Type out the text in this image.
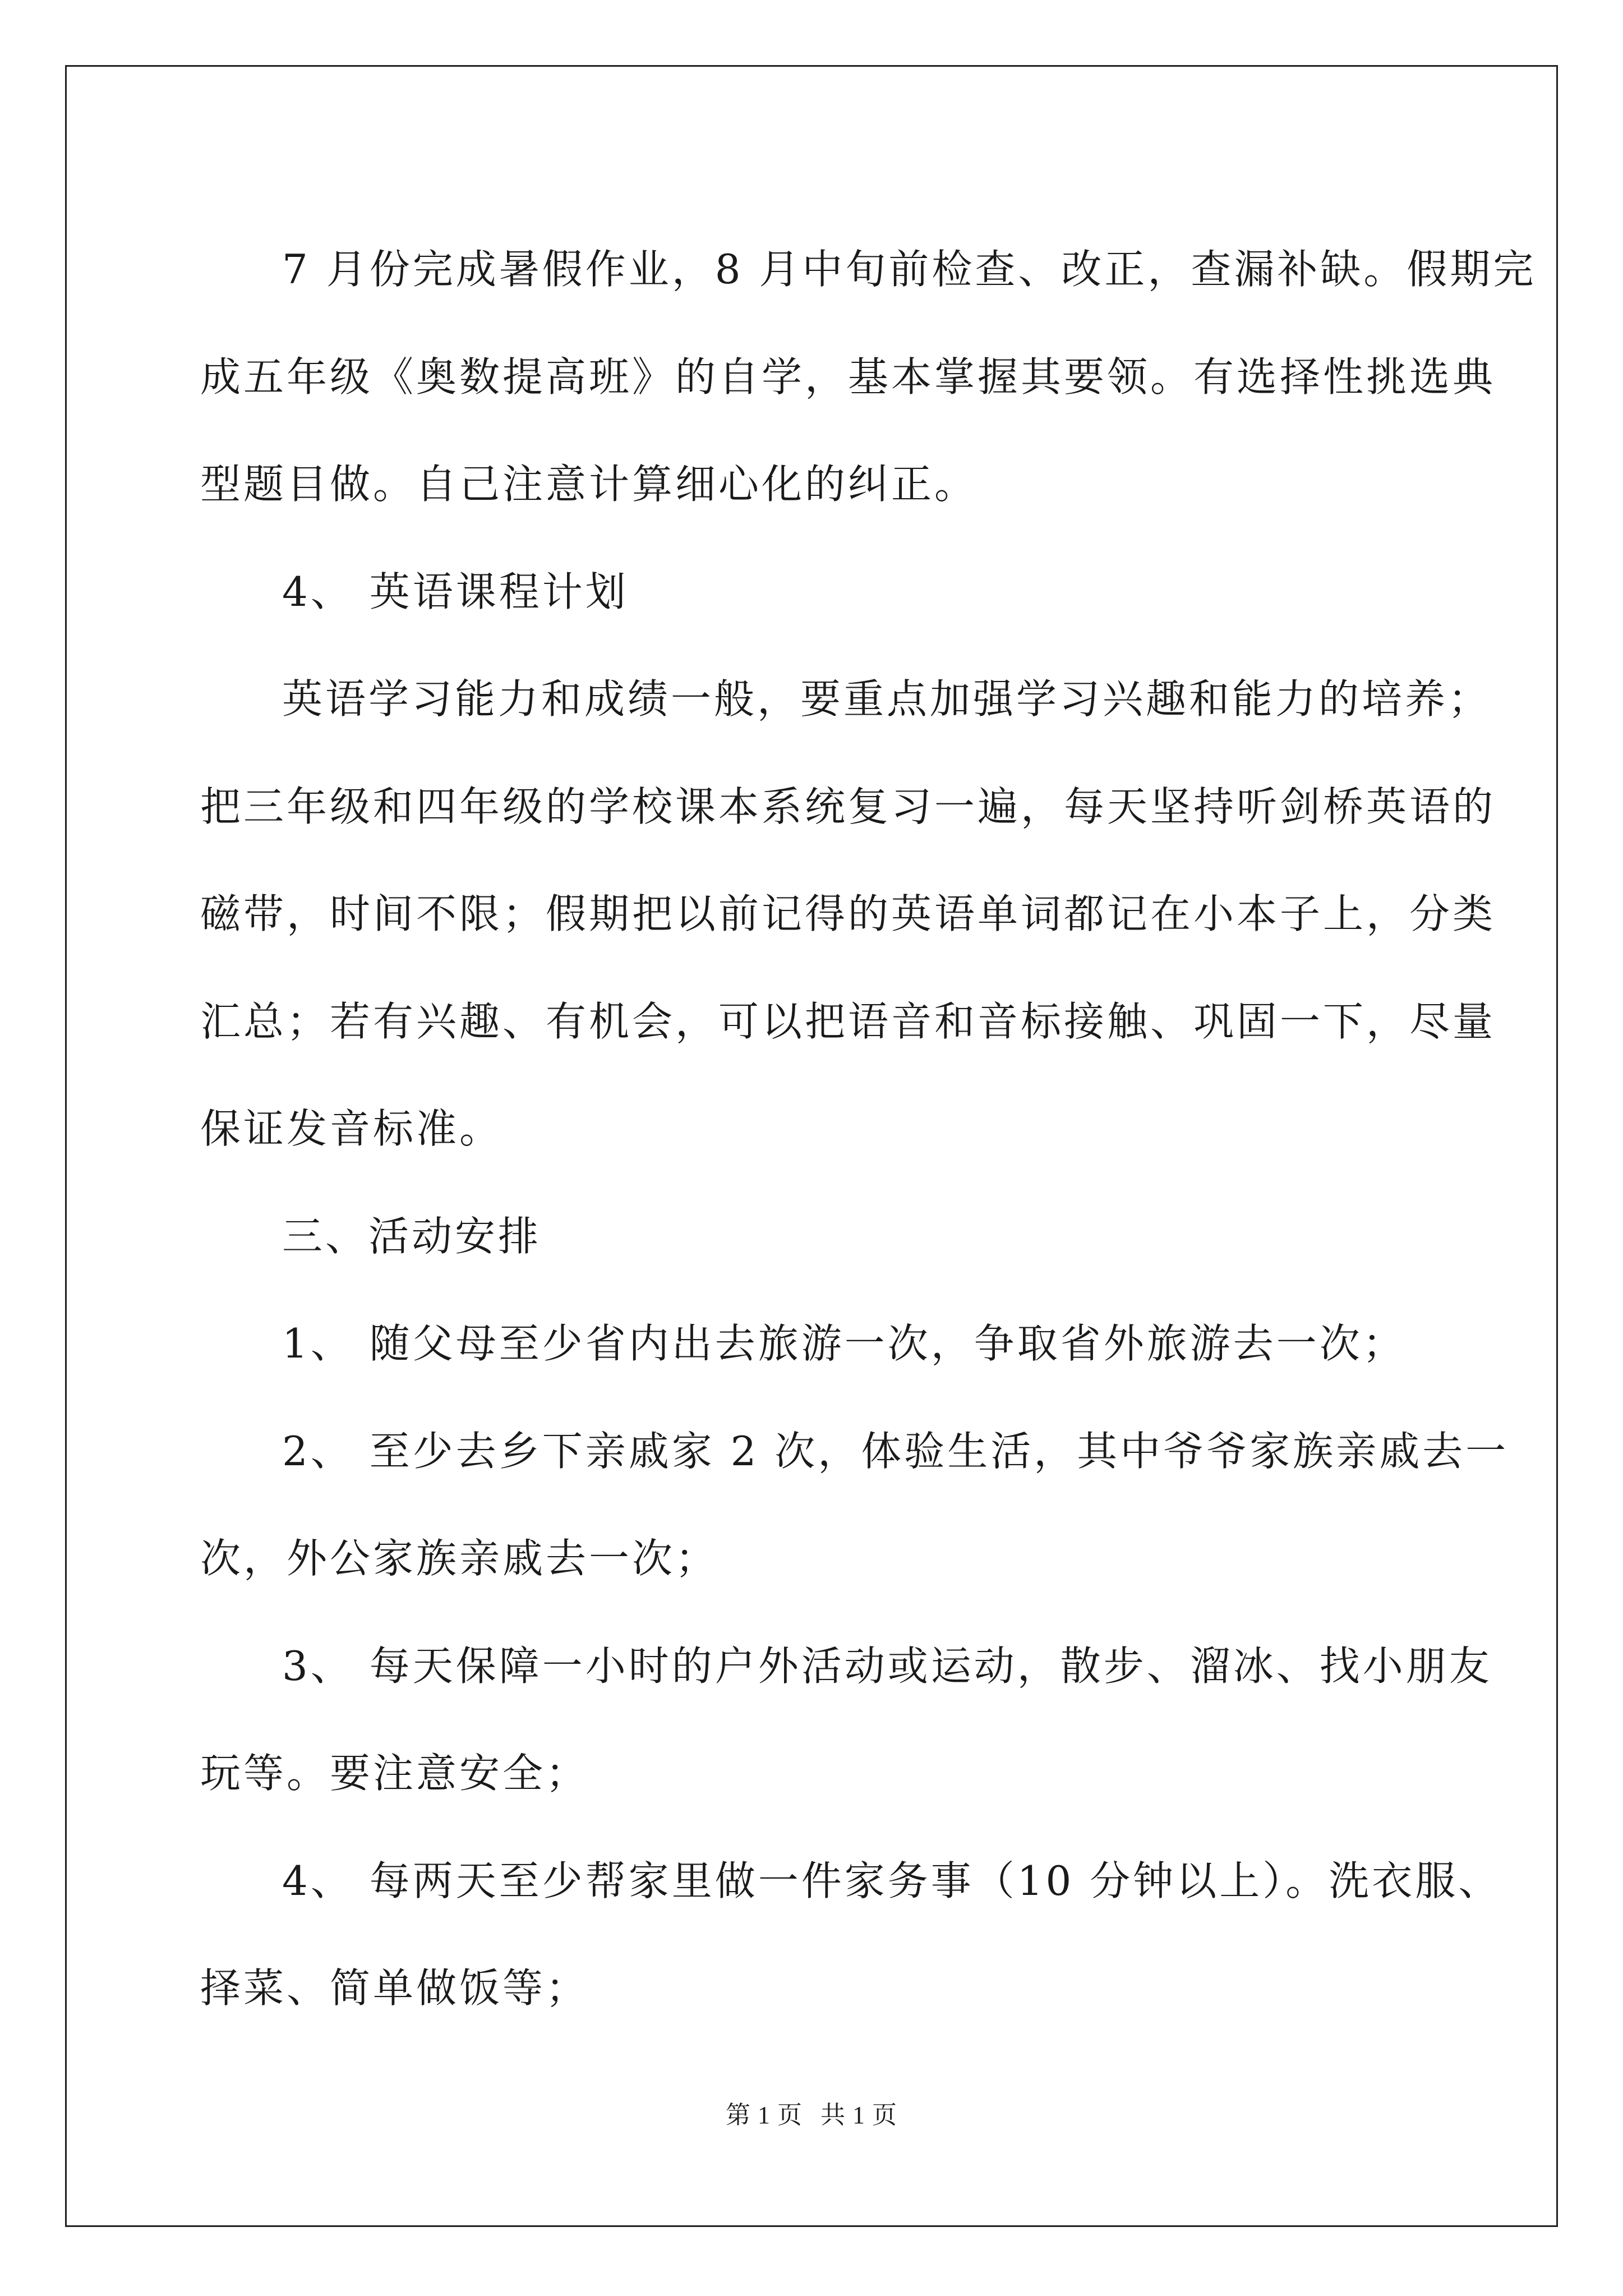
7 月份完成暑假作业，8 月中旬前检查、改正，查漏补缺。假期完
成五年级《奥数提高班》的自学，基本掌握其要领。有选择性挑选典
型题目做。自己注意计算细心化的纠正。
4、 英语课程计划
英语学习能力和成绩一般，要重点加强学习兴趣和能力的培养；
把三年级和四年级的学校课本系统复习一遍，每天坚持听剑桥英语的
磁带，时间不限；假期把以前记得的英语单词都记在小本子上，分类
汇总；若有兴趣、有机会，可以把语音和音标接触、巩固一下，尽量
保证发音标准。
三、活动安排
1、 随父母至少省内出去旅游一次，争取省外旅游去一次；
2、 至少去乡下亲戚家 2 次，体验生活，其中爷爷家族亲戚去一
次，外公家族亲戚去一次；
3、 每天保障一小时的户外活动或运动，散步、溜冰、找小朋友
玩等。要注意安全；
4、 每两天至少帮家里做一件家务事（10 分钟以上）。洗衣服、
择菜、简单做饭等；
第 1 页 共 1 页
